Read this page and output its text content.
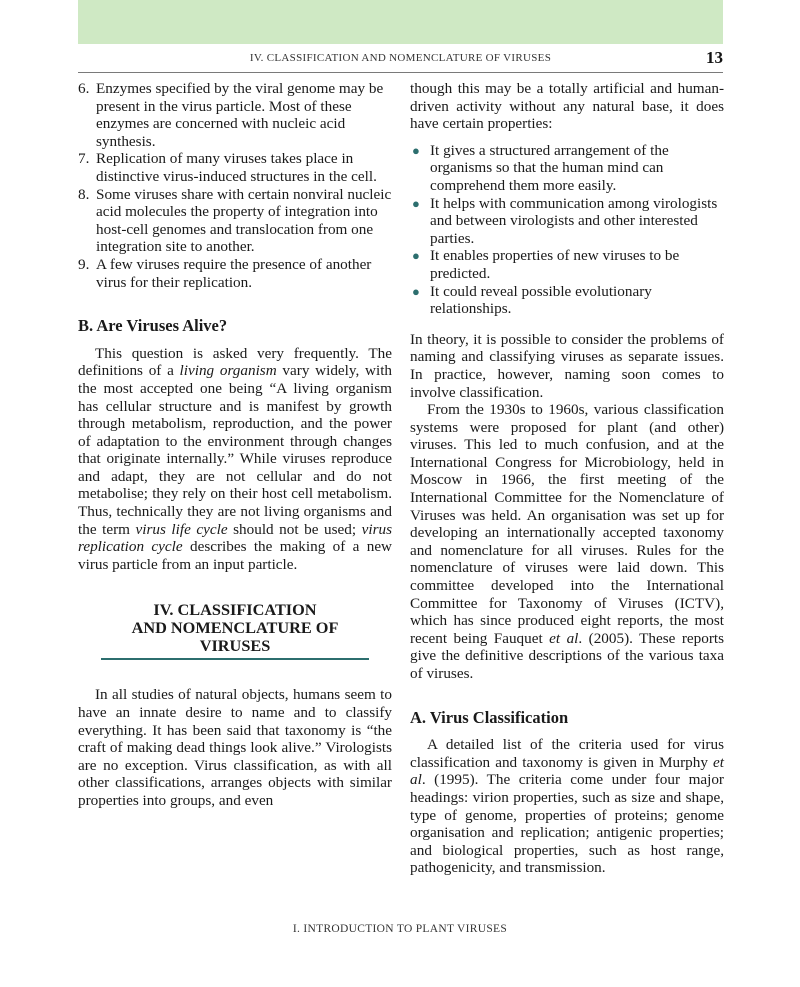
IV. CLASSIFICATION AND NOMENCLATURE OF VIRUSES	13
6. Enzymes specified by the viral genome may be present in the virus particle. Most of these enzymes are concerned with nucleic acid synthesis.
7. Replication of many viruses takes place in distinctive virus-induced structures in the cell.
8. Some viruses share with certain nonviral nucleic acid molecules the property of integration into host-cell genomes and translocation from one integration site to another.
9. A few viruses require the presence of another virus for their replication.
B. Are Viruses Alive?

This question is asked very frequently. The definitions of a living organism vary widely, with the most accepted one being “A living organism has cellular structure and is manifest by growth through metabolism, reproduction, and the power of adaptation to the environment through changes that originate internally.” While viruses reproduce and adapt, they are not cellular and do not metabolise; they rely on their host cell metabolism. Thus, technically they are not living organisms and the term virus life cycle should not be used; virus replication cycle describes the making of a new virus particle from an input particle.

IV. CLASSIFICATION
AND NOMENCLATURE OF
VIRUSES

In all studies of natural objects, humans seem to have an innate desire to name and to classify everything. It has been said that taxonomy is “the craft of making dead things look alive.” Virologists are no exception. Virus classification, as with all other classifications, arranges objects with similar properties into groups, and even

though this may be a totally artificial and human-driven activity without any natural base, it does have certain properties:

● It gives a structured arrangement of the organisms so that the human mind can comprehend them more easily.
● It helps with communication among virologists and between virologists and other interested parties.
● It enables properties of new viruses to be predicted.
● It could reveal possible evolutionary relationships.

In theory, it is possible to consider the problems of naming and classifying viruses as separate issues. In practice, however, naming soon comes to involve classification.

From the 1930s to 1960s, various classification systems were proposed for plant (and other) viruses. This led to much confusion, and at the International Congress for Microbiology, held in Moscow in 1966, the first meeting of the International Committee for the Nomenclature of Viruses was held. An organisation was set up for developing an internationally accepted taxonomy and nomenclature for all viruses. Rules for the nomenclature of viruses were laid down. This committee developed into the International Committee for Taxonomy of Viruses (ICTV), which has since produced eight reports, the most recent being Fauquet et al. (2005). These reports give the definitive descriptions of the various taxa of viruses.

A. Virus Classification

A detailed list of the criteria used for virus classification and taxonomy is given in Murphy et al. (1995). The criteria come under four major headings: virion properties, such as size and shape, type of genome, properties of proteins; genome organisation and replication; antigenic properties; and biological properties, such as host range, pathogenicity, and transmission.

I. INTRODUCTION TO PLANT VIRUSES
